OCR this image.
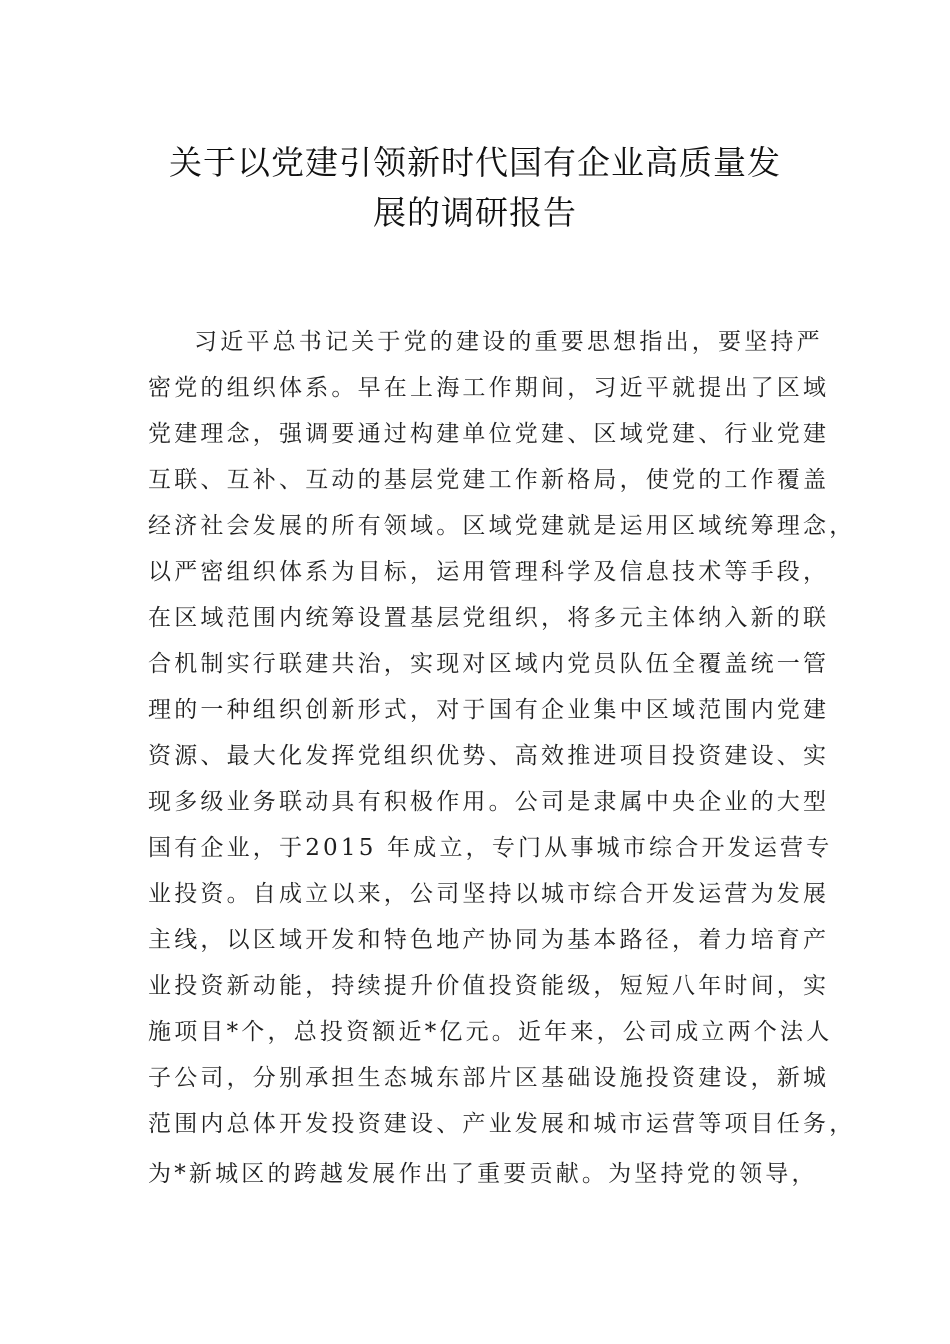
关于以党建引领新时代国有企业高质量发
展的调研报告
习近平总书记关于党的建设的重要思想指出，要坚持严
密党的组织体系。早在上海工作期间，习近平就提出了区域
党建理念，强调要通过构建单位党建、区域党建、行业党建
互联、互补、互动的基层党建工作新格局，使党的工作覆盖
经济社会发展的所有领域。区域党建就是运用区域统筹理念，
以严密组织体系为目标，运用管理科学及信息技术等手段，
在区域范围内统筹设置基层党组织，将多元主体纳入新的联
合机制实行联建共治，实现对区域内党员队伍全覆盖统一管
理的一种组织创新形式，对于国有企业集中区域范围内党建
资源、最大化发挥党组织优势、高效推进项目投资建设、实
现多级业务联动具有积极作用。公司是隶属中央企业的大型
国有企业，于2015 年成立，专门从事城市综合开发运营专
业投资。自成立以来，公司坚持以城市综合开发运营为发展
主线，以区域开发和特色地产协同为基本路径，着力培育产
业投资新动能，持续提升价值投资能级，短短八年时间，实
施项目*个，总投资额近*亿元。近年来，公司成立两个法人
子公司，分别承担生态城东部片区基础设施投资建设，新城
范围内总体开发投资建设、产业发展和城市运营等项目任务，
为*新城区的跨越发展作出了重要贡献。为坚持党的领导，
